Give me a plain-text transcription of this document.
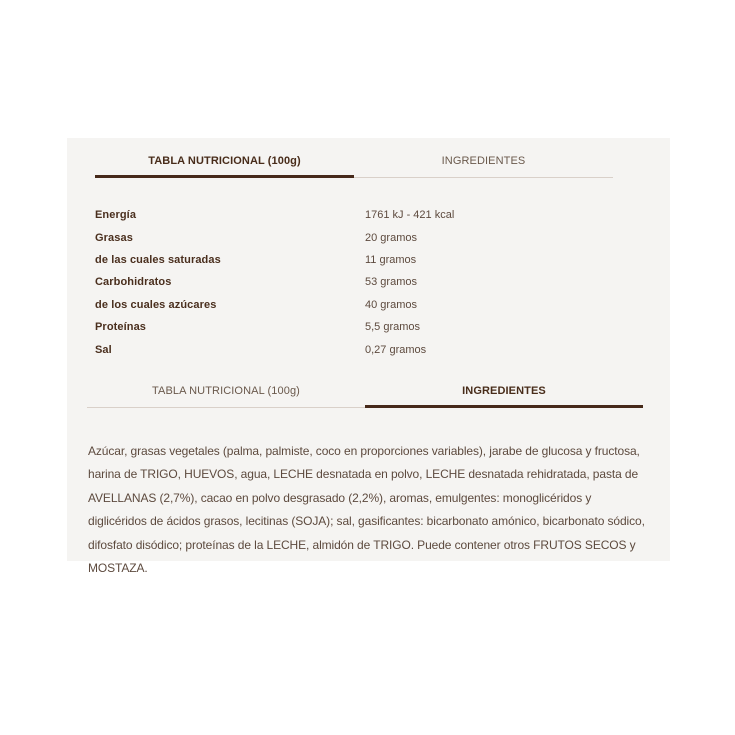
TABLA NUTRICIONAL (100g)	INGREDIENTES
Energía	1761 kJ - 421 kcal
Grasas	20 gramos
de las cuales saturadas	11 gramos
Carbohidratos	53 gramos
de los cuales azúcares	40 gramos
Proteínas	5,5 gramos
Sal	0,27 gramos
TABLA NUTRICIONAL (100g)	INGREDIENTES

Azúcar, grasas vegetales (palma, palmiste, coco en proporciones variables), jarabe de glucosa y fructosa, harina de TRIGO, HUEVOS, agua, LECHE desnatada en polvo, LECHE desnatada rehidratada, pasta de AVELLANAS (2,7%), cacao en polvo desgrasado (2,2%), aromas, emulgentes: monoglicéridos y diglicéridos de ácidos grasos, lecitinas (SOJA); sal, gasificantes: bicarbonato amónico, bicarbonato sódico, difosfato disódico; proteínas de la LECHE, almidón de TRIGO. Puede contener otros FRUTOS SECOS y MOSTAZA.
